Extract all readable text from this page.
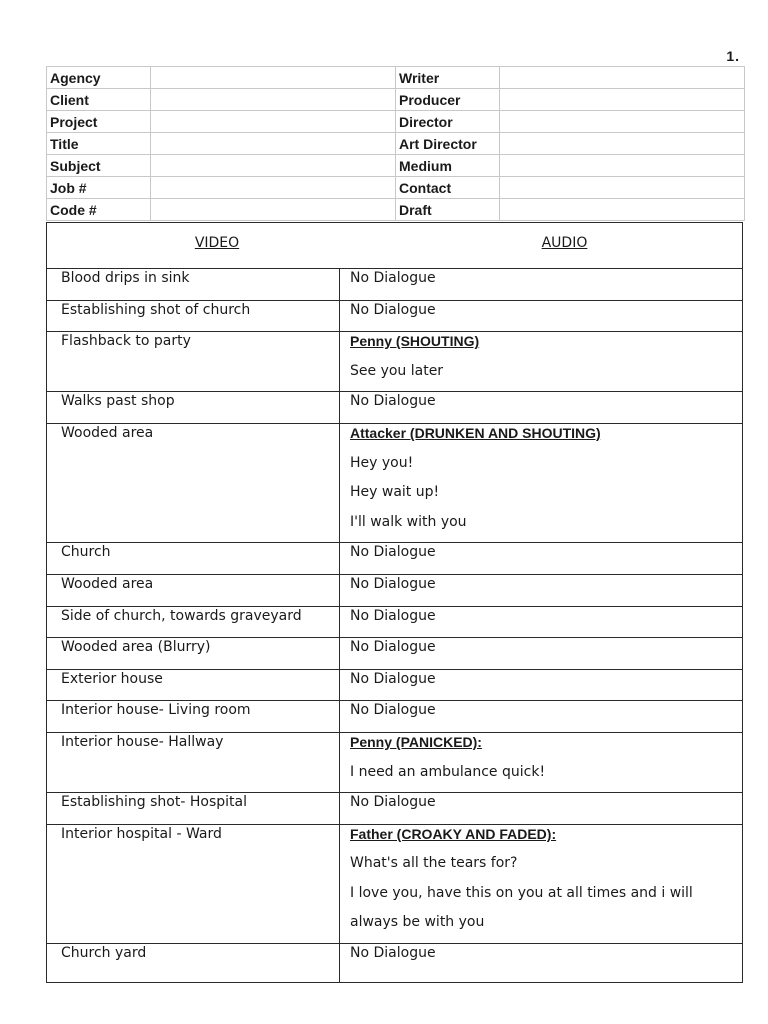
1.
Agency		Writer	
Client		Producer	
Project		Director	
Title		Art Director	
Subject		Medium	
Job #		Contact	
Code #		Draft	
VIDEO	AUDIO
Blood drips in sink	No Dialogue
Establishing shot of church	No Dialogue
Flashback to party	Penny (SHOUTING)
See you later
Walks past shop	No Dialogue
Wooded area	Attacker (DRUNKEN AND SHOUTING)
Hey you!
Hey wait up!
I'll walk with you
Church	No Dialogue
Wooded area	No Dialogue
Side of church, towards graveyard	No Dialogue
Wooded area (Blurry)	No Dialogue
Exterior house	No Dialogue
Interior house- Living room	No Dialogue
Interior house- Hallway	Penny (PANICKED):
I need an ambulance quick!
Establishing shot- Hospital	No Dialogue
Interior hospital - Ward	Father (CROAKY AND FADED):
What's all the tears for?
I love you, have this on you at all times and i will
always be with you
Church yard	No Dialogue
